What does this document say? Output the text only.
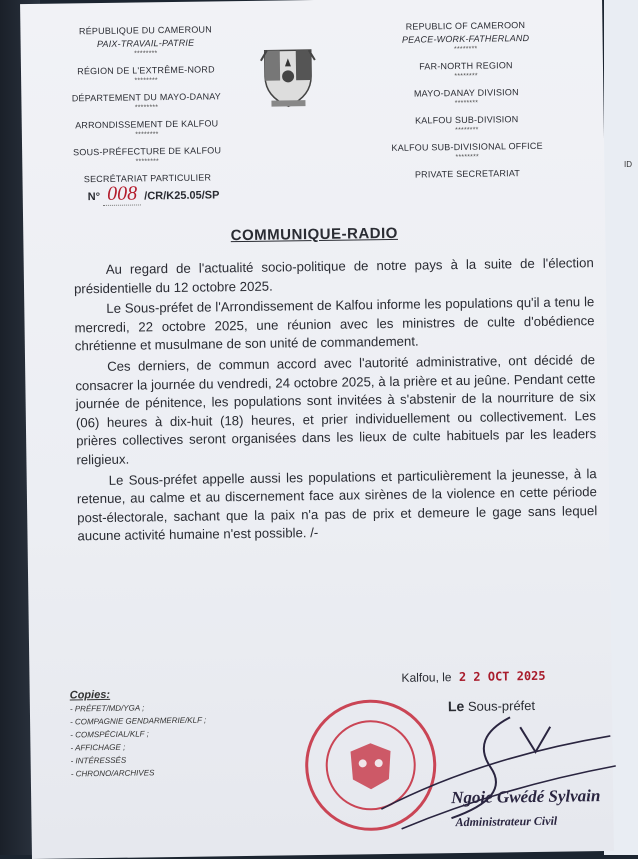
ID

RÉPUBLIQUE DU CAMEROUN

PAIX-TRAVAIL-PATRIE

********

RÉGION DE L'EXTRÊME-NORD

********

DÉPARTEMENT DU MAYO-DANAY

********

ARRONDISSEMENT DE KALFOU

********

SOUS-PRÉFECTURE DE KALFOU

********

SECRÉTARIAT PARTICULIER

REPUBLIC OF CAMEROON

PEACE-WORK-FATHERLAND

********

FAR-NORTH REGION

********

MAYO-DANAY DIVISION

********

KALFOU SUB-DIVISION

********

KALFOU SUB-DIVISIONAL OFFICE

********

PRIVATE SECRETARIAT

N° 008 /CR/K25.05/SP
COMMUNIQUE-RADIO

Au regard de l'actualité socio-politique de notre pays à la suite de l'élection présidentielle du 12 octobre 2025.

Le Sous-préfet de l'Arrondissement de Kalfou informe les populations qu'il a tenu le mercredi, 22 octobre 2025, une réunion avec les ministres de culte d'obédience chrétienne et musulmane de son unité de commandement.

Ces derniers, de commun accord avec l'autorité administrative, ont décidé de consacrer la journée du vendredi, 24 octobre 2025, à la prière et au jeûne. Pendant cette journée de pénitence, les populations sont invitées à s'abstenir de la nourriture de six (06) heures à dix-huit (18) heures, et prier individuellement ou collectivement. Les prières collectives seront organisées dans les lieux de culte habituels par les leaders religieux.

Le Sous-préfet appelle aussi les populations et particulièrement la jeunesse, à la retenue, au calme et au discernement face aux sirènes de la violence en cette période post-électorale, sachant que la paix n'a pas de prix et demeure le gage sans lequel aucune activité humaine n'est possible. /-

Copies:
- PRÉFET/MD/YGA ;
- COMPAGNIE GENDARMERIE/KLF ;
- COMSPÉCIAL/KLF ;
- AFFICHAGE ;
- INTÉRESSÉS
- CHRONO/ARCHIVES
Kalfou, le 2 2 OCT 2025
Le Sous-préfet
Ngoie Gwédé Sylvain
Administrateur Civil
